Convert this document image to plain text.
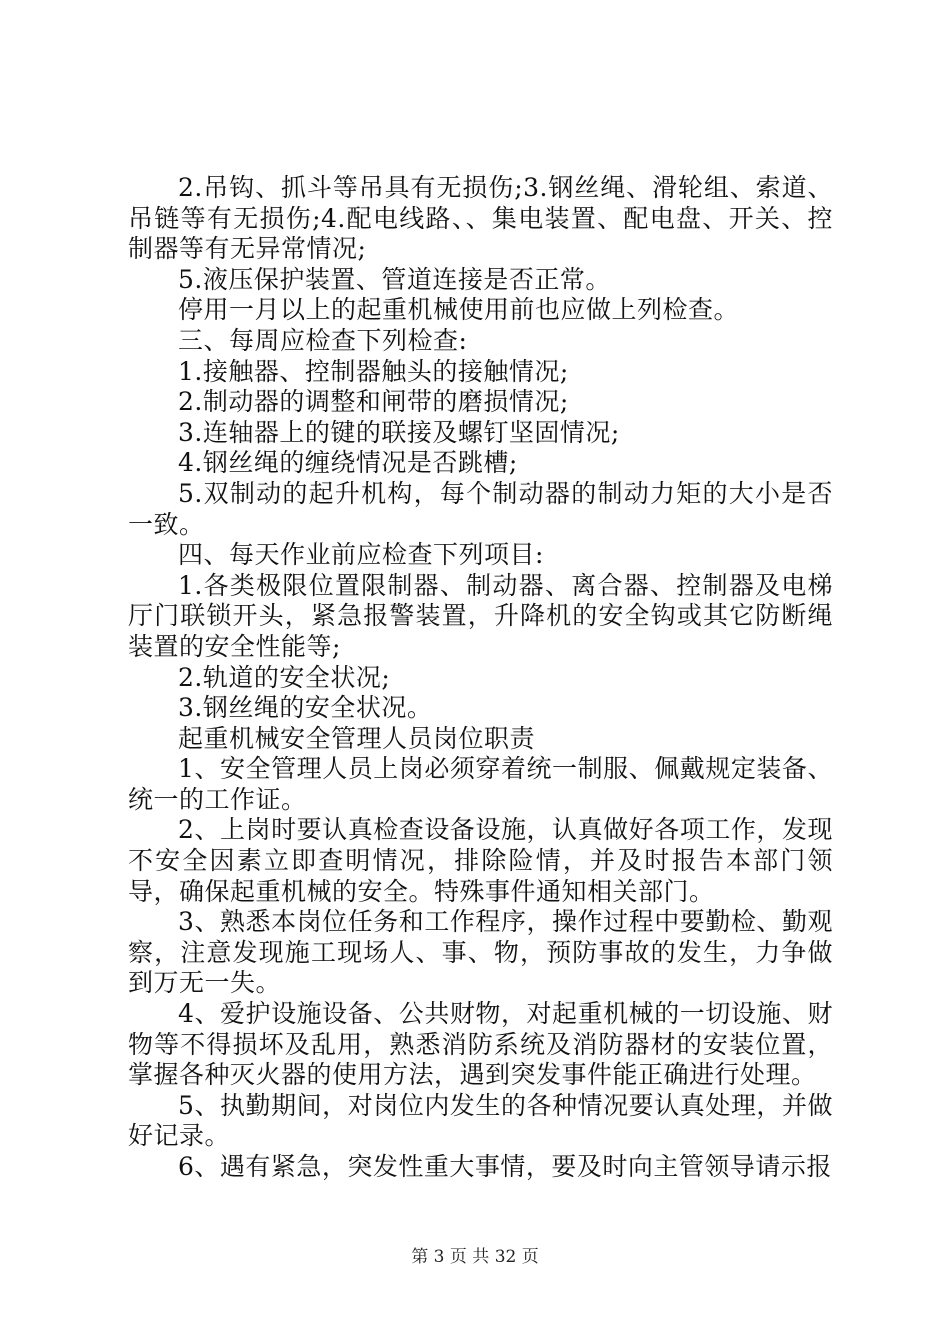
2.吊钩、抓斗等吊具有无损伤;3.钢丝绳、滑轮组、索道、吊链等有无损伤;4.配电线路、、集电装置、配电盘、开关、控制器等有无异常情况;

5.液压保护装置、管道连接是否正常。

停用一月以上的起重机械使用前也应做上列检查。

三、每周应检查下列检查:

1.接触器、控制器触头的接触情况;

2.制动器的调整和闸带的磨损情况;

3.连轴器上的键的联接及螺钉坚固情况;

4.钢丝绳的缠绕情况是否跳槽;

5.双制动的起升机构，每个制动器的制动力矩的大小是否一致。

四、每天作业前应检查下列项目:

1.各类极限位置限制器、制动器、离合器、控制器及电梯厅门联锁开头，紧急报警装置，升降机的安全钩或其它防断绳装置的安全性能等;

2.轨道的安全状况;

3.钢丝绳的安全状况。

起重机械安全管理人员岗位职责

1、安全管理人员上岗必须穿着统一制服、佩戴规定装备、统一的工作证。

2、上岗时要认真检查设备设施，认真做好各项工作，发现不安全因素立即查明情况，排除险情，并及时报告本部门领导，确保起重机械的安全。特殊事件通知相关部门。

3、熟悉本岗位任务和工作程序，操作过程中要勤检、勤观察，注意发现施工现场人、事、物，预防事故的发生，力争做到万无一失。

4、爱护设施设备、公共财物，对起重机械的一切设施、财物等不得损坏及乱用，熟悉消防系统及消防器材的安装位置，掌握各种灭火器的使用方法，遇到突发事件能正确进行处理。

5、执勤期间，对岗位内发生的各种情况要认真处理，并做好记录。

6、遇有紧急，突发性重大事情，要及时向主管领导请示报

第 3 页 共 32 页
